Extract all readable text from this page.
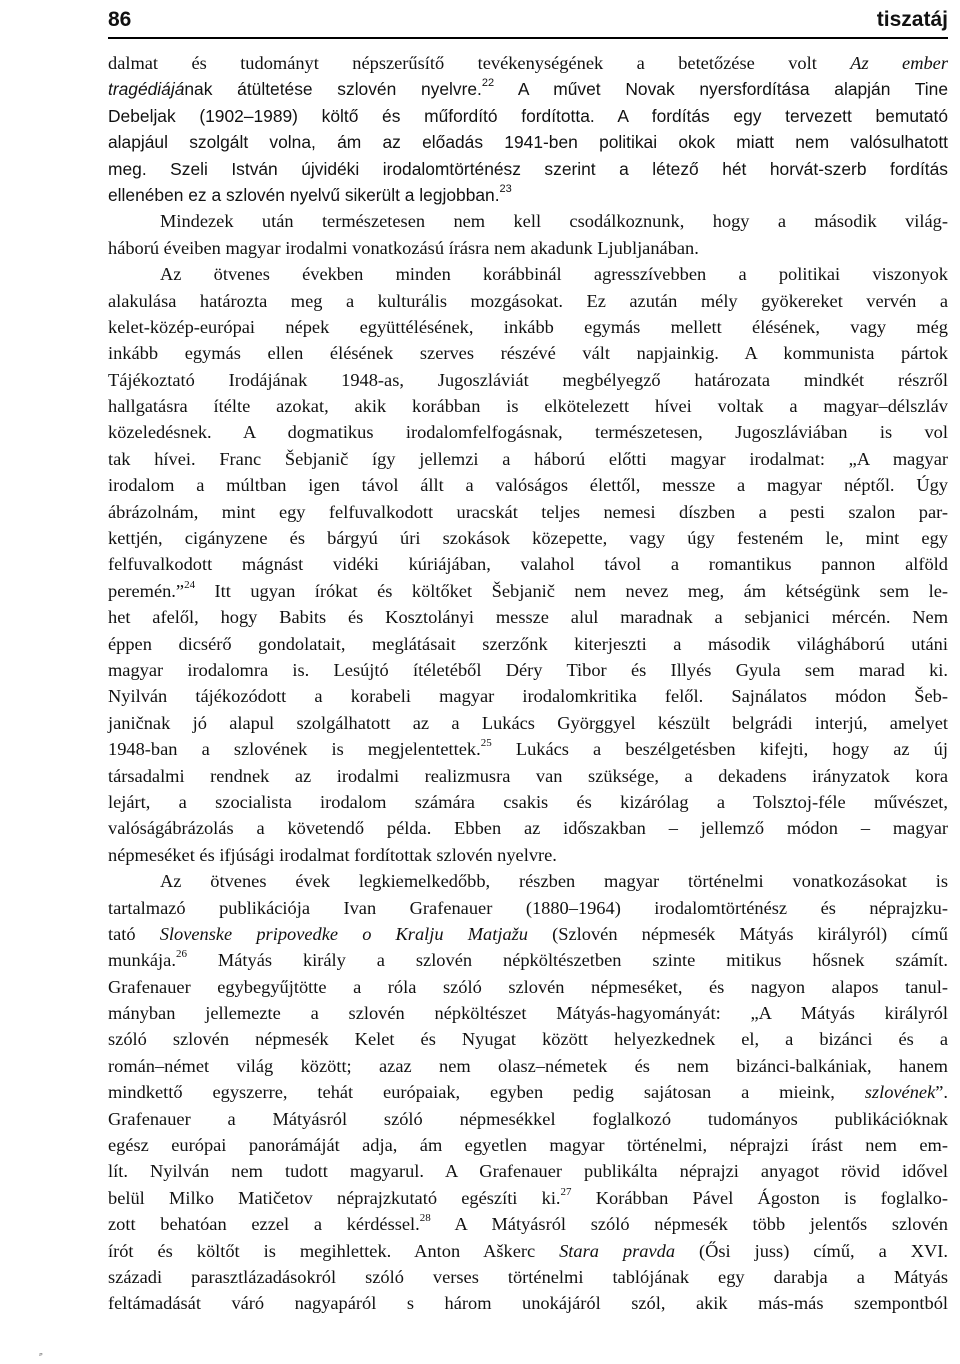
86	tiszatáj
dalmat és tudományt népszerűsítő tevékenységének a betetőzése volt Az ember
tragédiájának átültetése szlovén nyelvre.$^{22}$ A művet Novak nyersfordítása alapján Tine
Debeljak (1902–1989) költő és műfordító fordította. A fordítás egy tervezett bemutató
alapjául szolgált volna, ám az előadás 1941-ben politikai okok miatt nem valósulhatott
meg. Szeli István újvidéki irodalomtörténész szerint a létező hét horvát-szerb fordítás
ellenében ez a szlovén nyelvű sikerült a legjobban.$^{23}$
Mindezek után természetesen nem kell csodálkoznunk, hogy a második világ-
háború éveiben magyar irodalmi vonatkozású írásra nem akadunk Ljubljanában.
Az ötvenes években minden korábbinál agresszívebben a politikai viszonyok
alakulása határozta meg a kulturális mozgásokat. Ez azután mély gyökereket vervén a
kelet-közép-európai népek együttélésének, inkább egymás mellett élésének, vagy még
inkább egymás ellen élésének szerves részévé vált napjainkig. A kommunista pártok
Tájékoztató Irodájának 1948-as, Jugoszláviát megbélyegző határozata mindkét részről
hallgatásra ítélte azokat, akik korábban is elkötelezett hívei voltak a magyar–délszláv
közeledésnek. A dogmatikus irodalomfelfogásnak, természetesen, Jugoszláviában is vol
tak hívei. Franc Šebjanič így jellemzi a háború előtti magyar irodalmat: „A magyar
irodalom a múltban igen távol állt a valóságos élettől, messze a magyar néptől. Úgy
ábrázolnám, mint egy felfuvalkodott uracskát teljes nemesi díszben a pesti szalon par-
kettjén, cigányzene és bárgyú úri szokások közepette, vagy úgy festeném le, mint egy
felfuvalkodott mágnást vidéki kúriájában, valahol távol a romantikus pannon alföld
peremén.”$^{24}$ Itt ugyan írókat és költőket Šebjanič nem nevez meg, ám kétségünk sem le-
het afelől, hogy Babits és Kosztolányi messze alul maradnak a sebjanici mércén. Nem
éppen dicsérő gondolatait, meglátásait szerzőnk kiterjeszti a második világháború utáni
magyar irodalomra is. Lesújtó ítéletéből Déry Tibor és Illyés Gyula sem marad ki.
Nyilván tájékozódott a korabeli magyar irodalomkritika felől. Sajnálatos módon Šeb-
janičnak jó alapul szolgálhatott az a Lukács Györggyel készült belgrádi interjú, amelyet
1948-ban a szlovének is megjelentettek.$^{25}$ Lukács a beszélgetésben kifejti, hogy az új
társadalmi rendnek az irodalmi realizmusra van szüksége, a dekadens irányzatok kora
lejárt, a szocialista irodalom számára csakis és kizárólag a Tolsztoj-féle művészet,
valóságábrázolás a követendő példa. Ebben az időszakban – jellemző módon – magyar
népmeséket és ifjúsági irodalmat fordítottak szlovén nyelvre.
Az ötvenes évek legkiemelkedőbb, részben magyar történelmi vonatkozásokat is
tartalmazó publikációja Ivan Grafenauer (1880–1964) irodalomtörténész és néprajzku-
tató Slovenske pripovedke o Kralju Matjažu (Szlovén népmesék Mátyás királyról) című
munkája.$^{26}$ Mátyás király a szlovén népköltészetben szinte mitikus hősnek számít.
Grafenauer egybegyűjtötte a róla szóló szlovén népmeséket, és nagyon alapos tanul-
mányban jellemezte a szlovén népköltészet Mátyás-hagyományát: „A Mátyás királyról
szóló szlovén népmesék Kelet és Nyugat között helyezkednek el, a bizánci és a
román–német világ között; azaz nem olasz–németek és nem bizánci-balkániak, hanem
mindkettő egyszerre, tehát európaiak, egyben pedig sajátosan a mieink, szlovének”.
Grafenauer a Mátyásról szóló népmesékkel foglalkozó tudományos publikációknak
egész európai panorámáját adja, ám egyetlen magyar történelmi, néprajzi írást nem em-
lít. Nyilván nem tudott magyarul. A Grafenauer publikálta néprajzi anyagot rövid idővel
belül Milko Matičetov néprajzkutató egészíti ki.$^{27}$ Korábban Pável Ágoston is foglalko-
zott behatóan ezzel a kérdéssel.$^{28}$ A Mátyásról szóló népmesék több jelentős szlovén
írót és költőt is megihlettek. Anton Aškerc Stara pravda (Ősi juss) című, a XVI.
századi parasztlázadásokról szóló verses történelmi tablójának egy darabja a Mátyás
feltámadását váró nagyapáról s három unokájáról szól, akik más-más szempontból
